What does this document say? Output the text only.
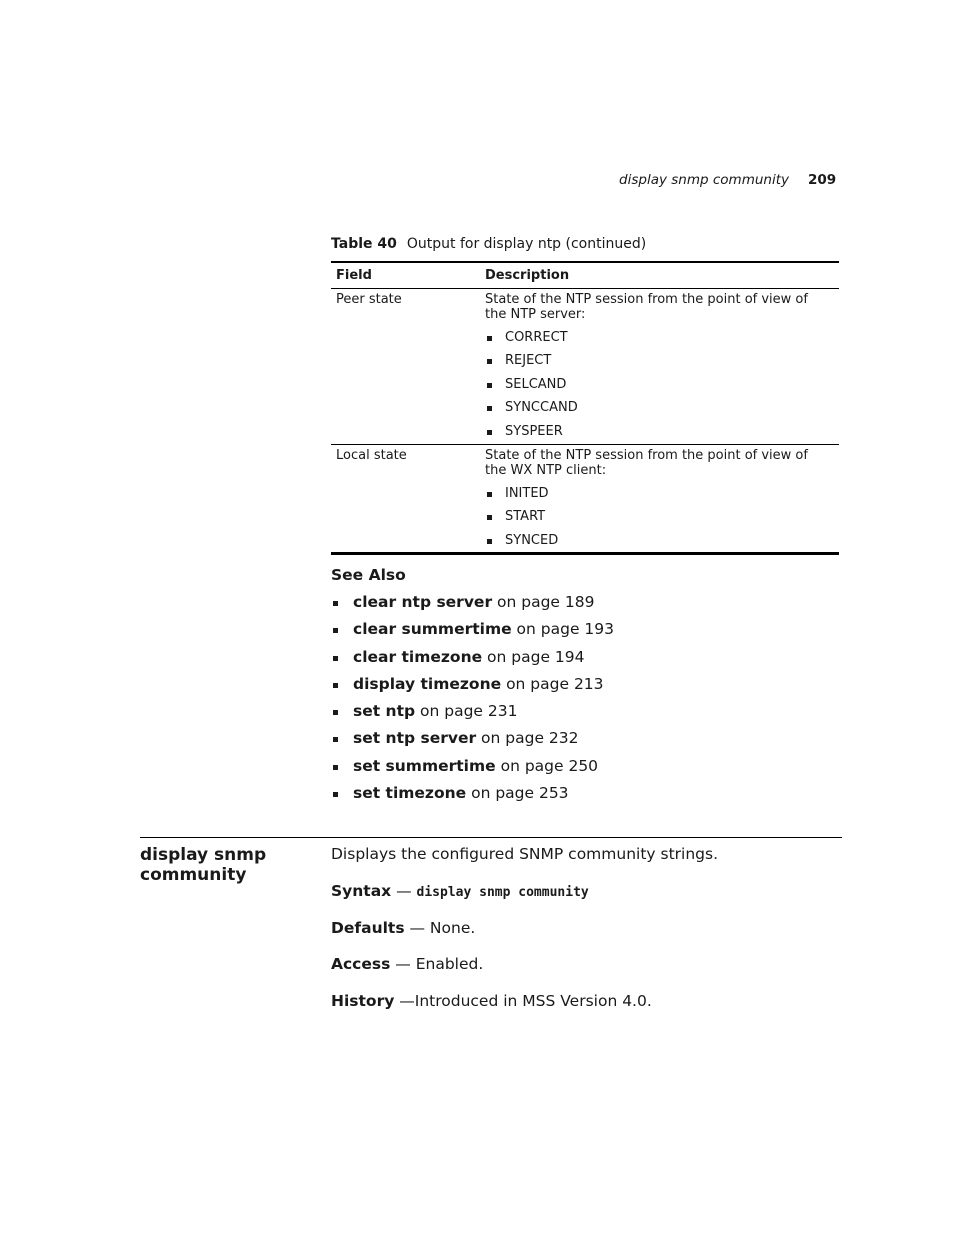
display snmp community 209
Table 40 Output for display ntp (continued)
Field	Description
Peer state	State of the NTP session from the point of view of the NTP server:
CORRECT
REJECT
SELCAND
SYNCCAND
SYSPEER
Local state	State of the NTP session from the point of view of the WX NTP client:
INITED
START
SYNCED
See Also
clear ntp server on page 189
clear summertime on page 193
clear timezone on page 194
display timezone on page 213
set ntp on page 231
set ntp server on page 232
set summertime on page 250
set timezone on page 253
display snmp
community
Displays the configured SNMP community strings.
Syntax — display snmp community
Defaults — None.
Access — Enabled.
History —Introduced in MSS Version 4.0.
